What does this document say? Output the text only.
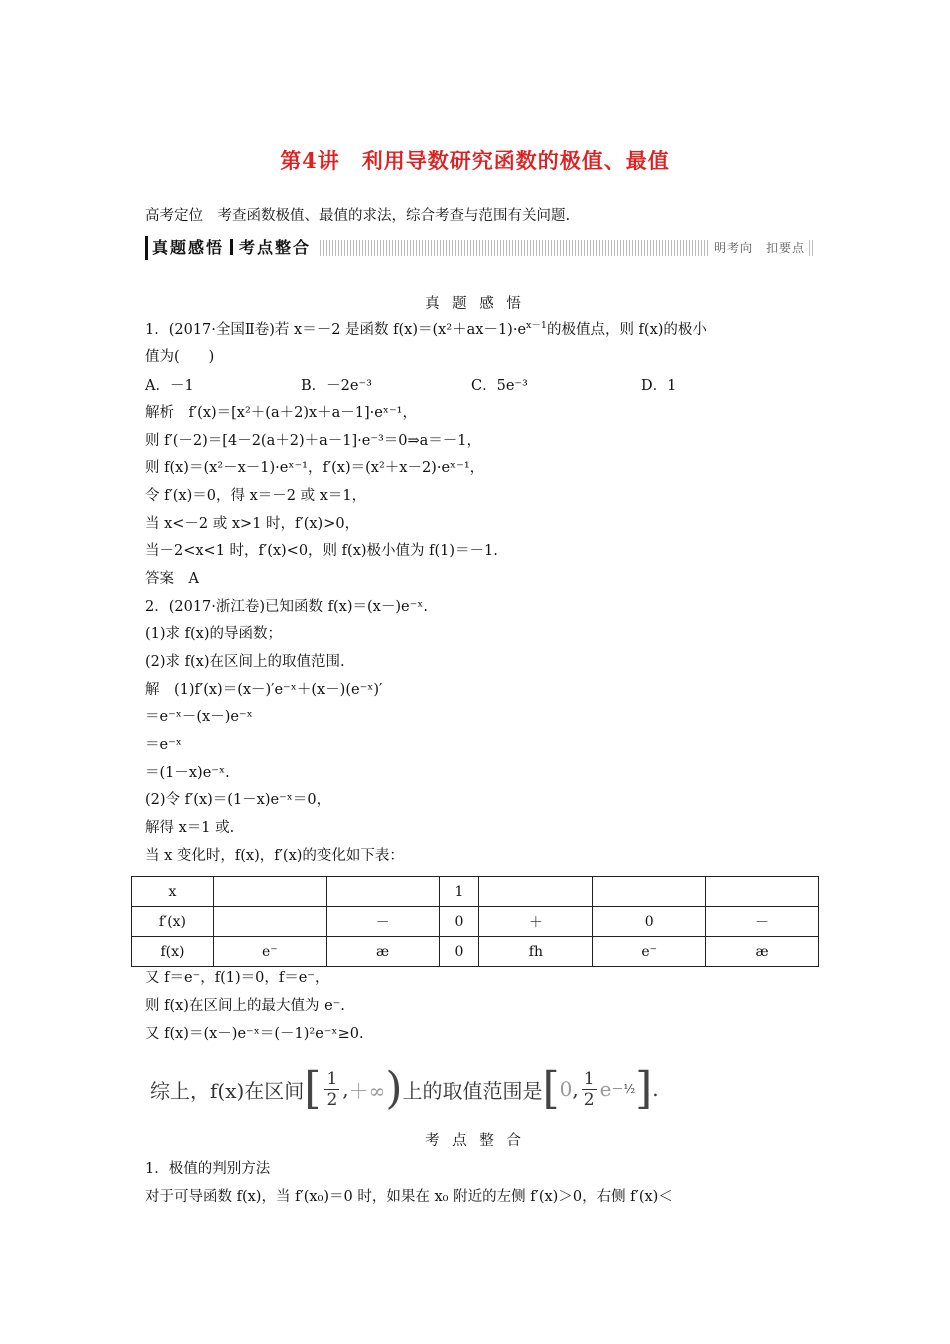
第4讲　利用导数研究函数的极值、最值
高考定位　考查函数极值、最值的求法，综合考查与范围有关问题.
真题感悟 考点整合	明考向　扣要点
真 题 感 悟
1．(2017·全国Ⅱ卷)若 x＝－2 是函数 $f(x)=(x^2+ax-1)\cdot e^{x-1}$的极值点，则 f(x)的极小
值为(　　)
A．－1	B．－2e⁻³	C．5e⁻³	D．1
解析　f′(x)＝[x²＋(a＋2)x＋a－1]·eˣ⁻¹，
则 f′(－2)＝[4－2(a＋2)＋a－1]·e⁻³＝0⇒a＝－1，
则 f(x)＝(x²－x－1)·eˣ⁻¹，f′(x)＝(x²＋x－2)·eˣ⁻¹，
令 f′(x)＝0，得 x＝－2 或 x＝1，
当 x<－2 或 x>1 时，f′(x)>0，
当－2<x<1 时，f′(x)<0，则 f(x)极小值为 f(1)＝－1.
答案　A
2．(2017·浙江卷)已知函数 f(x)＝(x－)e⁻ˣ.
(1)求 f(x)的导函数；
(2)求 f(x)在区间上的取值范围.
解　(1)f′(x)＝(x－)′e⁻ˣ＋(x－)(e⁻ˣ)′
＝e⁻ˣ－(x－)e⁻ˣ
＝e⁻ˣ
＝(1－x)e⁻ˣ.
(2)令 f′(x)＝(1－x)e⁻ˣ＝0，
解得 x＝1 或.
当 x 变化时，f(x)，f′(x)的变化如下表：
x			1			
f′(x)		－	0	＋	0	－
f(x)	e⁻	æ	0	fh	e⁻	æ
又 f＝e⁻，f(1)＝0，f＝e⁻，
则 f(x)在区间上的最大值为 e⁻.
又 f(x)＝(x－)e⁻ˣ＝(－1)²e⁻ˣ≥0.
综上，f(x)在区间 [ $\frac{1}{2}$ , ＋∞ ) 上的取值范围是 [ 0 , $\frac{1}{2}$ e －½ ] .
考 点 整 合
1．极值的判别方法
对于可导函数 f(x)，当 f′(x₀)＝0 时，如果在 x₀ 附近的左侧 f′(x)＞0，右侧 f′(x)＜
